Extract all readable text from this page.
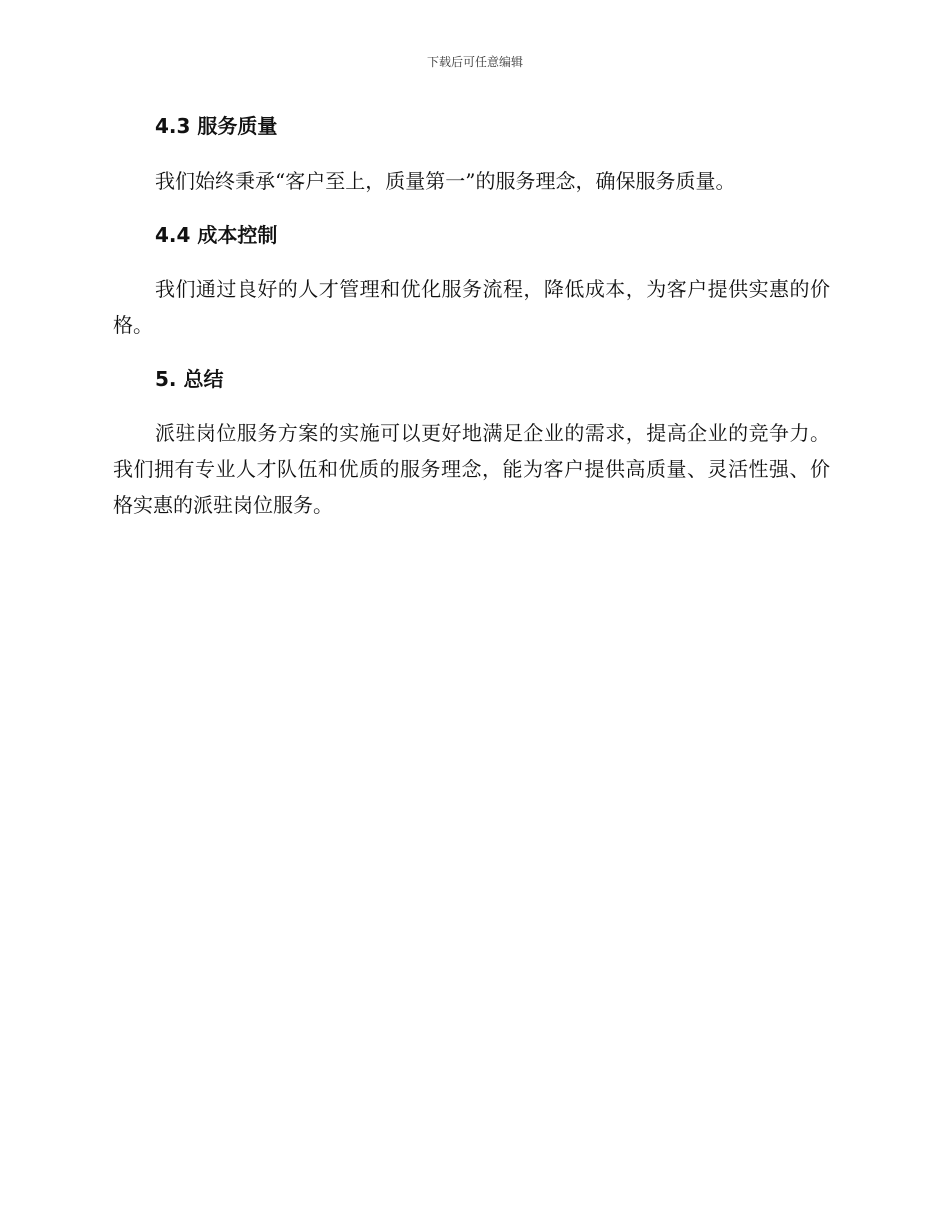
下载后可任意编辑
4.3 服务质量

我们始终秉承“客户至上，质量第一”的服务理念，确保服务质量。

4.4 成本控制

我们通过良好的人才管理和优化服务流程，降低成本，为客户提供实惠的价格。

5. 总结

派驻岗位服务方案的实施可以更好地满足企业的需求，提高企业的竞争力。我们拥有专业人才队伍和优质的服务理念，能为客户提供高质量、灵活性强、价格实惠的派驻岗位服务。
